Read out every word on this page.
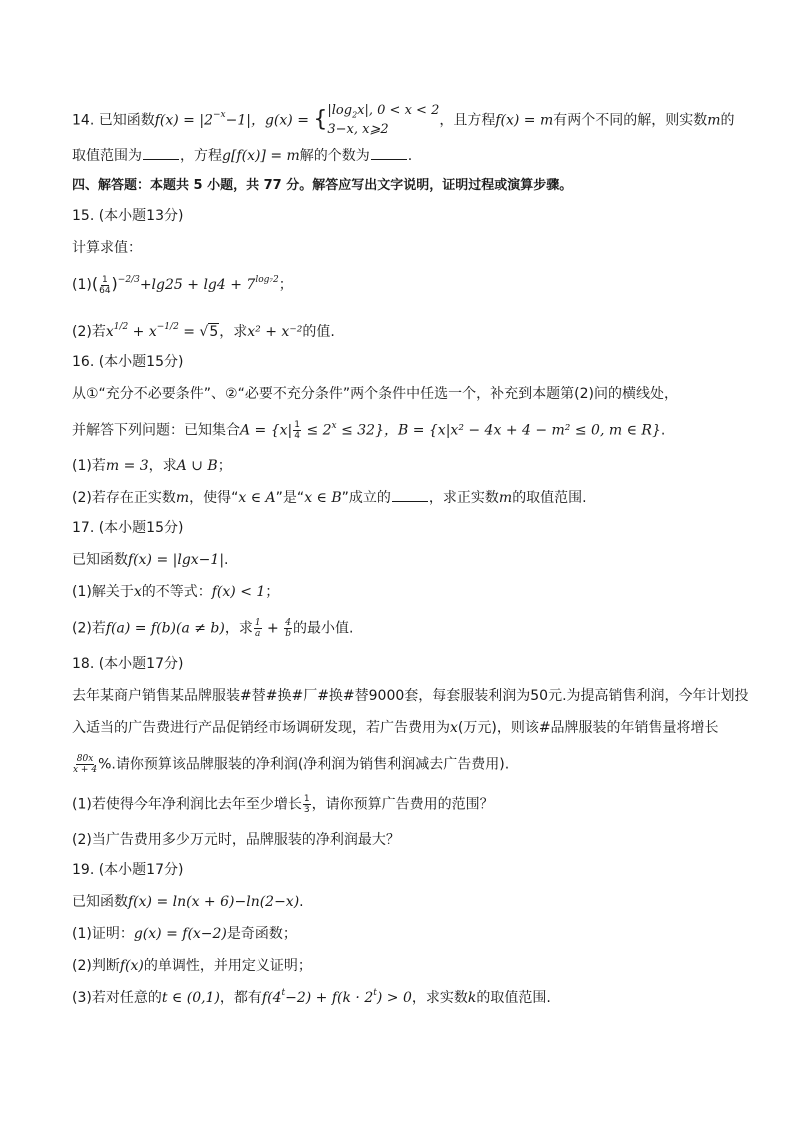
14. 已知函数$f(x) = |2^{-x}-1|$，g(x) = { $|\log_2x|$, 0 < x < 2
3−x, x⩾2
，且方程f(x) = m有两个不同的解，则实数m的
取值范围为	，方程g[f(x)] = m解的个数为	.
四、解答题：本题共 5 小题，共 77 分。解答应写出文字说明，证明过程或演算步骤。
15. (本小题13分)
计算求值：
$(1)( \frac{1}{64} )^{-2/3}+\lg 25 + \lg 4 + 7^{log_72}$；
(2)若$x^{1/2} + x^{-1/2} = √5$，求x² + x⁻²的值.
16. (本小题15分)
从①“充分不必要条件”、②“必要不充分条件”两个条件中任选一个，补充到本题第(2)问的横线处，
并解答下列问题：已知集合$A = \{x| \frac{1}{4} \le 2^x \le 32\}$，B = {x|x² − 4x + 4 − m² ≤ 0, m ∈ R}.
(1)若m = 3，求A ∪ B；
(2)若存在正实数m，使得“x ∈ A”是“x ∈ B”成立的	，求正实数m的取值范围.
17. (本小题15分)
已知函数f(x) = |lgx−1|.
(1)解关于x的不等式：f(x) < 1；
(2)若f(a) = f(b)(a ≠ b)，求 $\frac{1}{a} + \frac{4}{b}$ 的最小值.
18. (本小题17分)
去年某商户销售某品牌服装#替#换#厂#换#替9000套，每套服装利润为50元.为提高销售利润，今年计划投
入适当的广告费进行产品促销经市场调研发现，若广告费用为x(万元)，则该#品牌服装的年销售量将增长
$\frac{80x}{x + 4}$ %.请你预算该品牌服装的净利润(净利润为销售利润减去广告费用).
(1)若使得今年净利润比去年至少增长 $\frac{1}{3}$ ，请你预算广告费用的范围？
(2)当广告费用多少万元时，品牌服装的净利润最大？
19. (本小题17分)
已知函数f(x) = ln(x + 6)−ln(2−x).
(1)证明：g(x) = f(x−2)是奇函数；
(2)判断f(x)的单调性，并用定义证明；
(3)若对任意的t ∈ (0,1)，都有$f(4^t-2) + f(k \cdot 2^t) > 0$，求实数k的取值范围.
